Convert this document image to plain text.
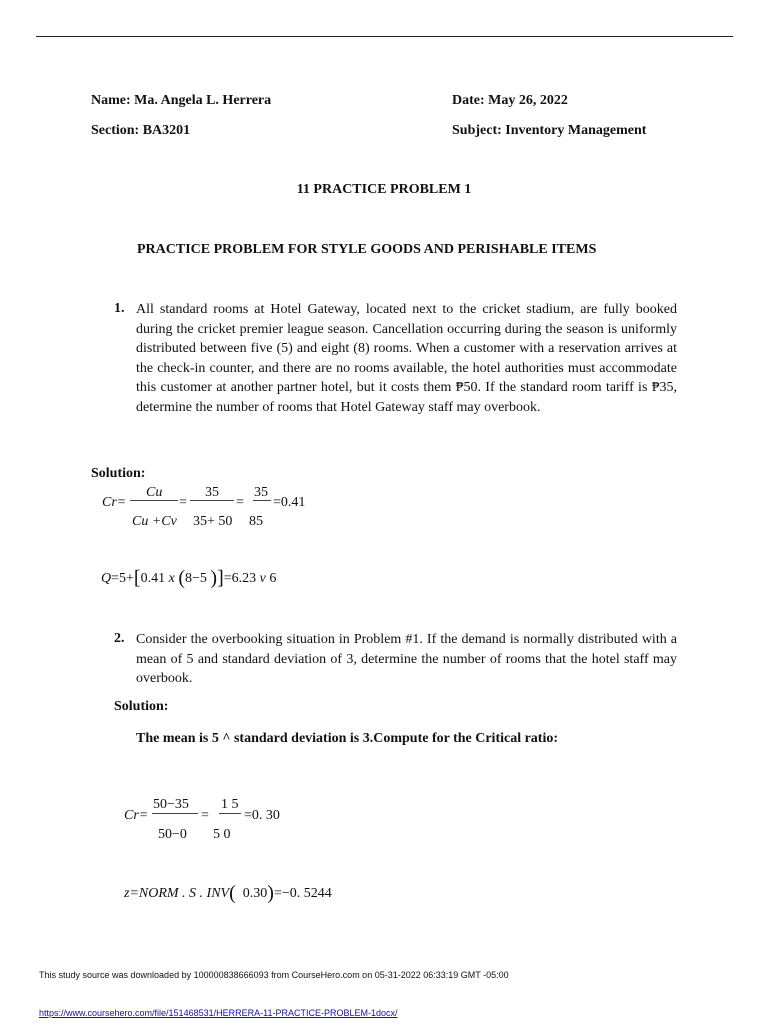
Name: Ma. Angela L. Herrera	Date: May 26, 2022
Section: BA3201	Subject: Inventory Management
11 PRACTICE PROBLEM 1
PRACTICE PROBLEM FOR STYLE GOODS AND PERISHABLE ITEMS
1. All standard rooms at Hotel Gateway, located next to the cricket stadium, are fully booked during the cricket premier league season. Cancellation occurring during the season is uniformly distributed between five (5) and eight (8) rooms. When a customer with a reservation arrives at the check-in counter, and there are no rooms available, the hotel authorities must accommodate this customer at another partner hotel, but it costs them ₱50. If the standard room tariff is ₱35, determine the number of rooms that Hotel Gateway staff may overbook.
Solution:
Cr=
Cu
Cu +Cv
=
35
35+ 50
=
35
85
=0.41
Q=5+[0.41 x (8−5 )]=6.23 v 6
2. Consider the overbooking situation in Problem #1. If the demand is normally distributed with a mean of 5 and standard deviation of 3, determine the number of rooms that the hotel staff may overbook.
Solution:
The mean is 5 ^ standard deviation is 3.Compute for the Critical ratio:
Cr=
50−35
50−0
=
1 5
5 0
=0. 30
z=NORM . S . INV( 0.30)=−0. 5244
This study source was downloaded by 100000838666093 from CourseHero.com on 05-31-2022 06:33:19 GMT -05:00
https://www.coursehero.com/file/151468531/HERRERA-11-PRACTICE-PROBLEM-1docx/
